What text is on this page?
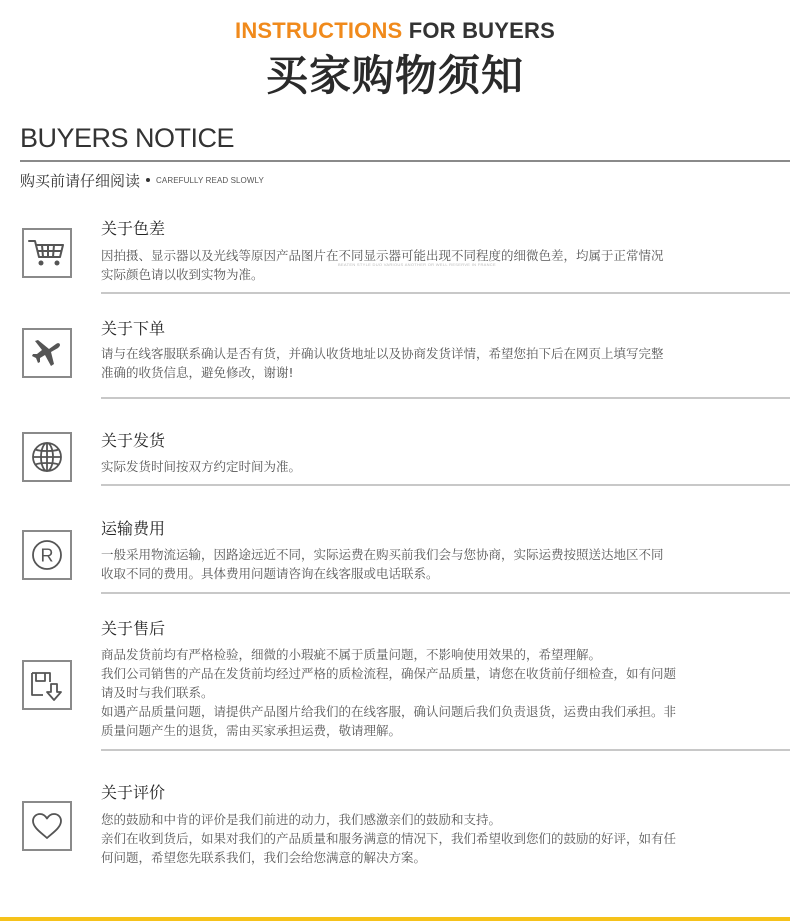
INSTRUCTIONS FOR BUYERS
买家购物须知
BUYERS NOTICE
购买前请仔细阅读 CAREFULLY READ SLOWLY
关于色差

因拍摄、显示器以及光线等原因产品图片在不同显示器可能出现不同程度的细微色差，均属于正常情况

实际颜色请以收到实物为准。

BEATEN STYLE DUO VARIOUS ANOTHER OR WELL RESERVE IN FRANCE
关于下单

请与在线客服联系确认是否有货，并确认收货地址以及协商发货详情，希望您拍下后在网页上填写完整

准确的收货信息，避免修改，谢谢!

关于发货

实际发货时间按双方约定时间为准。

R
运输费用

一般采用物流运输，因路途远近不同，实际运费在购买前我们会与您协商，实际运费按照送达地区不同

收取不同的费用。具体费用问题请咨询在线客服或电话联系。

关于售后

商品发货前均有严格检验，细微的小瑕疵不属于质量问题，不影响使用效果的，希望理解。

我们公司销售的产品在发货前均经过严格的质检流程，确保产品质量，请您在收货前仔细检查，如有问题

请及时与我们联系。

如遇产品质量问题，请提供产品图片给我们的在线客服，确认问题后我们负责退货，运费由我们承担。非

质量问题产生的退货，需由买家承担运费，敬请理解。

关于评价

您的鼓励和中肯的评价是我们前进的动力，我们感激亲们的鼓励和支持。

亲们在收到货后，如果对我们的产品质量和服务满意的情况下，我们希望收到您们的鼓励的好评，如有任

何问题，希望您先联系我们，我们会给您满意的解决方案。
